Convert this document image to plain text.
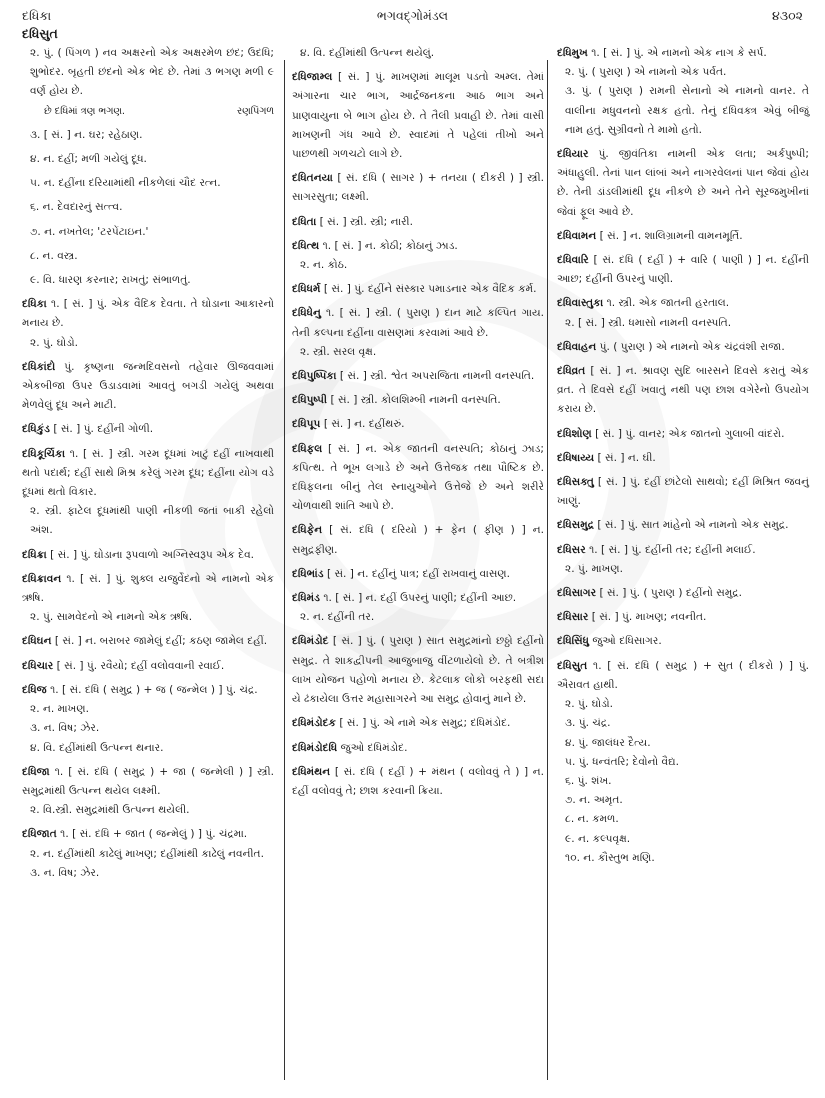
દધિકા
દધિસુત
ભગવદ્ગોમંડલ	૪૩૦૨
૨. પું. ( પિંગળ ) નવ અક્ષરનો એક અક્ષરમેળ છંદ; ઉદધિ; શુભોદર. બૃહતી છંદનો એક ભેદ છે. તેમાં ૩ ભગણ મળી ૯ વર્ણ હોય છે.
છે દધિમાં ત્રણ ભગણ.	રણપિંગળ
૩. [ સં. ] ન. ઘર; રહેઠાણ.
૪. ન. દહીં; મળી ગયેલું દૂધ.
૫. ન. દહીંના દરિયામાંથી નીકળેલાં ચૌદ રત્ન.
૬. ન. દેવદારનું સત્ત્વ.
૭. ન. નખતેલ; 'ટરપેંટાઇન.'
૮. ન. વસ્ત્ર.
૯. વિ. ધારણ કરનાર; રાખતું; સંભાળતું.
દધિકા ૧. [ સં. ] પું. એક વૈદિક દેવતા. તે ઘોડાના આકારનો મનાય છે.
૨. પું. ઘોડો.
દધિકાંદો પું. કૃષ્ણના જન્મદિવસનો તહેવાર ઊજવવામાં એકબીજા ઉપર ઉડાડવામાં આવતું બગડી ગયેલું અથવા મેળવેલું દૂધ અને માટી.
દધિકુંડ [ સં. ] પું. દહીંની ગોળી.
દધિકૂર્ચિકા ૧. [ સં. ] સ્ત્રી. ગરમ દૂધમાં ખાટું દહીં નાખવાથી થતો પદાર્થ; દહીં સાથે મિશ્ર કરેલું ગરમ દૂધ; દહીંના યોગ વડે દૂધમાં થતો વિકાર.
૨. સ્ત્રી. ફાટેલ દૂધમાંથી પાણી નીકળી જતાં બાકી રહેલો અંશ.
દધિક્રા [ સં. ] પું. ઘોડાના રૂપવાળો અગ્નિસ્વરૂપ એક દેવ.
દધિક્રાવન ૧. [ સં. ] પું. શુક્લ યજુર્વેદનો એ નામનો એક ઋષિ.
૨. પું. સામવેદનો એ નામનો એક ઋષિ.
દધિઘન [ સં. ] ન. બરાબર જામેલું દહીં; કઠણ જામેલ દહીં.
દધિચાર [ સં. ] પું. રવૈયો; દહીં વલોવવાની રવાઈ.
દધિજ ૧. [ સં. દધિ ( સમુદ્ર ) + જ ( જન્મેલ ) ] પું. ચંદ્ર.
૨. ન. માખણ.
૩. ન. વિષ; ઝેર.
૪. વિ. દહીંમાંથી ઉત્પન્ન થનાર.
દધિજા ૧. [ સં. દધિ ( સમુદ્ર ) + જા ( જન્મેલી ) ] સ્ત્રી. સમુદ્રમાંથી ઉત્પન્ન થયેલ લક્ષ્મી.
૨. વિ.સ્ત્રી. સમુદ્રમાંથી ઉત્પન્ન થયેલી.
દધિજાત ૧. [ સં. દધિ + જાત ( જન્મેલું ) ] પું. ચંદ્રમા.
૨. ન. દહીંમાંથી કાઢેલું માખણ; દહીંમાંથી કાઢેલું નવનીત.
૩. ન. વિષ; ઝેર.
૪. વિ. દહીંમાંથી ઉત્પન્ન થયેલું.
દધિજામ્લ [ સં. ] પું. માખણમાં માલૂમ પડતો અમ્લ. તેમાં અંગારના ચાર ભાગ, આર્દ્રજનકના આઠ ભાગ અને પ્રાણવાયુના બે ભાગ હોય છે. તે તૈલી પ્રવાહી છે. તેમાં વાસી માખણની ગંધ આવે છે. સ્વાદમાં તે પહેલાં તીખો અને પાછળથી ગળચટો લાગે છે.
દધિતનયા [ સં. દધિ ( સાગર ) + તનયા ( દીકરી ) ] સ્ત્રી. સાગરસુતા; લક્ષ્મી.
દધિતા [ સં. ] સ્ત્રી. સ્ત્રી; નારી.
દધિત્થ ૧. [ સં. ] ન. કોઠી; કોઠાનું ઝાડ.
૨. ન. કોઠ.
દધિધર્મ [ સં. ] પું. દહીંને સંસ્કાર પમાડનાર એક વૈદિક કર્મ.
દધિધેનુ ૧. [ સં. ] સ્ત્રી. ( પુરાણ ) દાન માટે કલ્પિત ગાય. તેની કલ્પના દહીંના વાસણમાં કરવામાં આવે છે.
૨. સ્ત્રી. સરલ વૃક્ષ.
દધિપુષ્પિકા [ સં. ] સ્ત્રી. શ્વેત અપરાજિતા નામની વનસ્પતિ.
દધિપુષ્પી [ સં. ] સ્ત્રી. કોલશિમ્બી નામની વનસ્પતિ.
દધિપૂપ [ સં. ] ન. દહીંથરું.
દધિફલ [ સં. ] ન. એક જાતની વનસ્પતિ; કોઠાનું ઝાડ; કપિત્થ. તે ભૂખ લગાડે છે અને ઉત્તેજક તથા પૌષ્ટિક છે. દધિફલના બીનું તેલ સ્નાયુઓને ઉત્તેજે છે અને શરીરે ચોળવાથી શાંતિ આપે છે.
દધિફેન [ સં. દધિ ( દરિયો ) + ફેન ( ફીણ ) ] ન. સમુદ્રફીણ.
દધિભાંડ [ સં. ] ન. દહીંનું પાત્ર; દહીં રાખવાનું વાસણ.
દધિમંડ ૧. [ સં. ] ન. દહીં ઉપરનું પાણી; દહીંની આછ.
૨. ન. દહીંની તર.
દધિમંડોદ [ સં. ] પું. ( પુરાણ ) સાત સમુદ્રમાંનો છઠ્ઠો દહીંનો સમુદ્ર. તે શાકદ્વીપની આજુબાજુ વીંટળાયેલો છે. તે બત્રીશ લાખ યોજન પહોળો મનાય છે. કેટલાક લોકો બરફથી સદા યે ઢંકાયેલા ઉત્તર મહાસાગરને આ સમુદ્ર હોવાનું માને છે.
દધિમંડોદક [ સં. ] પું. એ નામે એક સમુદ્ર; દધિમંડોદ.
દધિમંડોદધિ જુઓ દધિમંડોદ.
દધિમંથન [ સં. દધિ ( દહીં ) + મંથન ( વલોવવું તે ) ] ન. દહીં વલોવવું તે; છાશ કરવાની ક્રિયા.
દધિમુખ ૧. [ સં. ] પું. એ નામનો એક નાગ કે સર્પ.
૨. પું. ( પુરાણ ) એ નામનો એક પર્વત.
૩. પું. ( પુરાણ ) રામની સેનાનો એ નામનો વાનર. તે વાલીના મધુવનનો રક્ષક હતો. તેનું દધિવક્ત્ર એવું બીજું નામ હતું. સુગ્રીવનો તે મામો હતો.
દધિયાર પું. જીવંતિકા નામની એક લતા; અર્કપુષ્પી; અંધાહુલી. તેનાં પાન લાંબાં અને નાગરવેલનાં પાન જેવાં હોય છે. તેની ડાંડલીમાંથી દૂધ નીકળે છે અને તેને સૂરજમુખીનાં જેવાં ફૂલ આવે છે.
દધિવામન [ સં. ] ન. શાલિગ્રામની વામનમૂર્તિ.
દધિવારિ [ સં. દધિ ( દહીં ) + વારિ ( પાણી ) ] ન. દહીંની આછ; દહીંની ઉપરનું પાણી.
દધિવાસ્તુકા ૧. સ્ત્રી. એક જાતની હરતાલ.
૨. [ સં. ] સ્ત્રી. ધમાસો નામની વનસ્પતિ.
દધિવાહન પું. ( પુરાણ ) એ નામનો એક ચંદ્રવંશી રાજા.
દધિવ્રત [ સં. ] ન. શ્રાવણ સુદિ બારસને દિવસે કરાતું એક વ્રત. તે દિવસે દહીં ખવાતું નથી પણ છાશ વગેરેનો ઉપયોગ કરાય છે.
દધિશોણ [ સં. ] પું. વાનર; એક જાતનો ગુલાબી વાંદરો.
દધિષાય્ય [ સં. ] ન. ઘી.
દધિસક્તુ [ સં. ] પું. દહીં છાંટેલો સાથવો; દહીં મિશ્રિત જવનું ખાણું.
દધિસમુદ્ર [ સં. ] પું. સાત માંહેનો એ નામનો એક સમુદ્ર.
દધિસર ૧. [ સં. ] પું. દહીંની તર; દહીંની મલાઈ.
૨. પું. માખણ.
દધિસાગર [ સં. ] પું. ( પુરાણ ) દહીંનો સમુદ્ર.
દધિસાર [ સં. ] પું. માખણ; નવનીત.
દધિસિંધુ જુઓ દધિસાગર.
દધિસુત ૧. [ સં. દધિ ( સમુદ્ર ) + સુત ( દીકરો ) ] પું. ઐરાવત હાથી.
૨. પું. ઘોડો.
૩. પું. ચંદ્ર.
૪. પું. જાલંધર દૈત્ય.
૫. પું. ધન્વંતરિ; દેવોનો વૈદ્ય.
૬. પું. શંખ.
૭. ન. અમૃત.
૮. ન. કમળ.
૯. ન. કલ્પવૃક્ષ.
૧૦. ન. કૌસ્તુભ મણિ.
